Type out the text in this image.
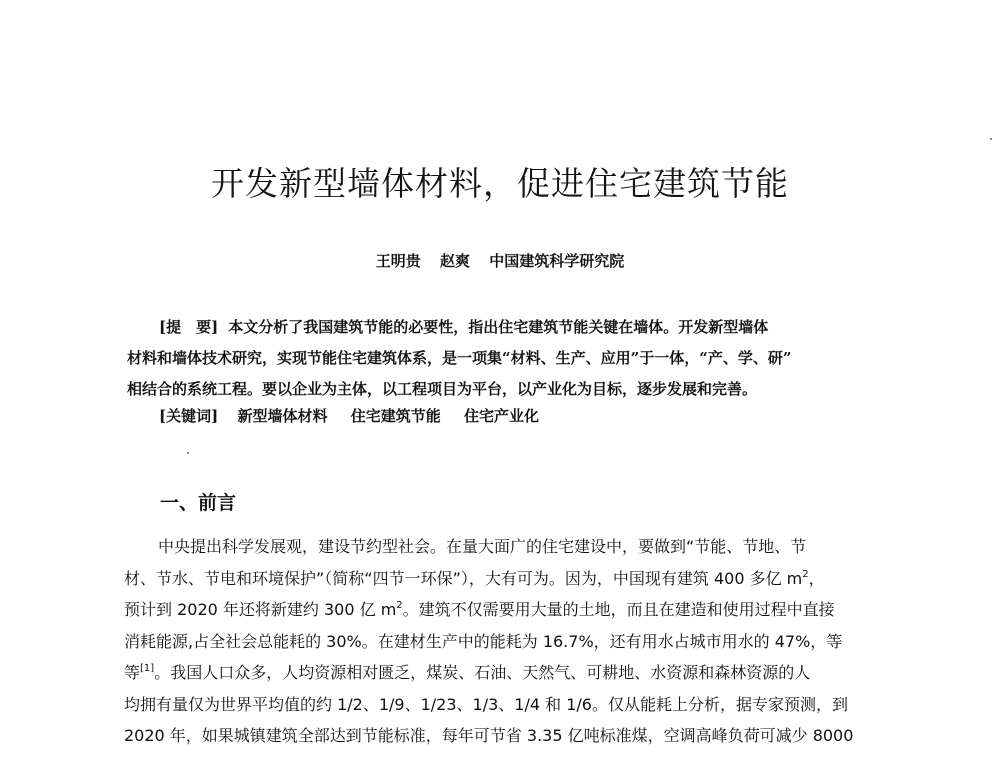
开发新型墙体材料，促进住宅建筑节能
王明贵 赵爽 中国建筑科学研究院
[提　要] 本文分析了我国建筑节能的必要性，指出住宅建筑节能关键在墙体。开发新型墙体
材料和墙体技术研究，实现节能住宅建筑体系，是一项集“材料、生产、应用”于一体，“产、学、研”
相结合的系统工程。要以企业为主体，以工程项目为平台，以产业化为目标，逐步发展和完善。
[关键词] 新型墙体材料 住宅建筑节能 住宅产业化
一、前言
中央提出科学发展观，建设节约型社会。在量大面广的住宅建设中，要做到“节能、节地、节
材、节水、节电和环境保护”（简称“四节一环保”），大有可为。因为，中国现有建筑 400 多亿 $m^2$，
预计到 2020 年还将新建约 300 亿 $m^2$。建筑不仅需要用大量的土地，而且在建造和使用过程中直接
消耗能源,占全社会总能耗的 30%。在建材生产中的能耗为 16.7%，还有用水占城市用水的 47%，等
等[1]。我国人口众多，人均资源相对匮乏，煤炭、石油、天然气、可耕地、水资源和森林资源的人
均拥有量仅为世界平均值的约 1/2、1/9、1/23、1/3、1/4 和 1/6。仅从能耗上分析，据专家预测，到
2020 年，如果城镇建筑全部达到节能标准，每年可节省 3.35 亿吨标准煤，空调高峰负荷可减少 8000
